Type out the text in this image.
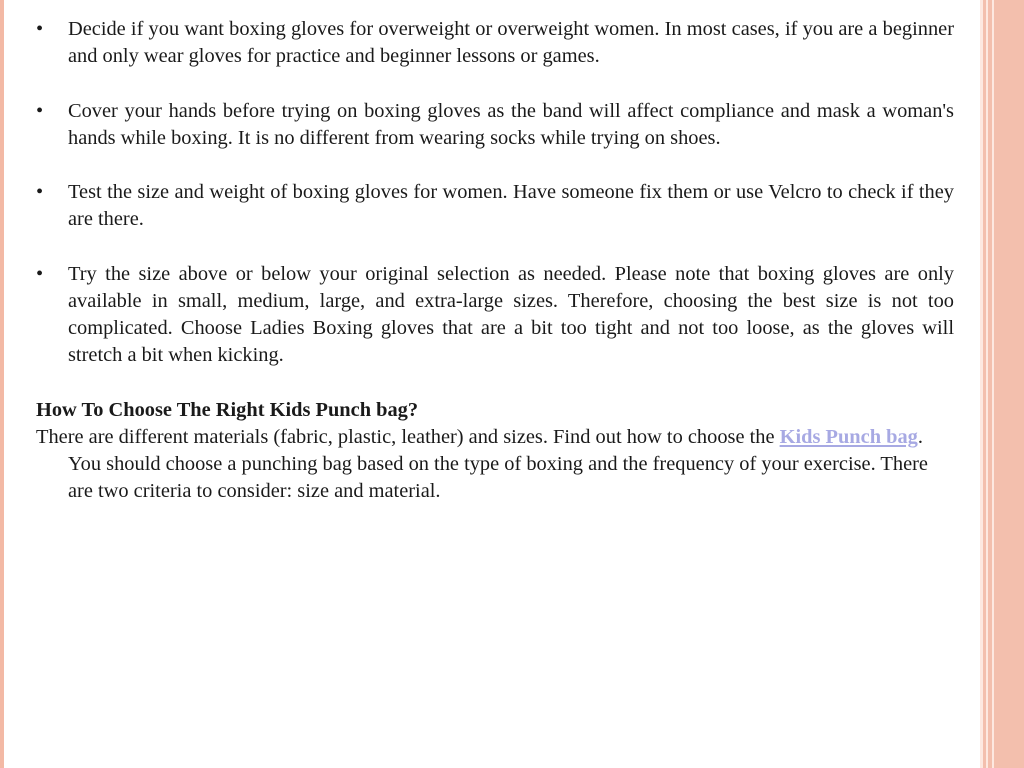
• Decide if you want boxing gloves for overweight or overweight women. In most cases, if you are a beginner and only wear gloves for practice and beginner lessons or games.
• Cover your hands before trying on boxing gloves as the band will affect compliance and mask a woman's hands while boxing. It is no different from wearing socks while trying on shoes.
• Test the size and weight of boxing gloves for women. Have someone fix them or use Velcro to check if they are there.
• Try the size above or below your original selection as needed. Please note that boxing gloves are only available in small, medium, large, and extra-large sizes. Therefore, choosing the best size is not too complicated. Choose Ladies Boxing gloves that are a bit too tight and not too loose, as the gloves will stretch a bit when kicking.

How To Choose The Right Kids Punch bag?

There are different materials (fabric, plastic, leather) and sizes. Find out how to choose the Kids Punch bag. You should choose a punching bag based on the type of boxing and the frequency of your exercise. There are two criteria to consider: size and material.
